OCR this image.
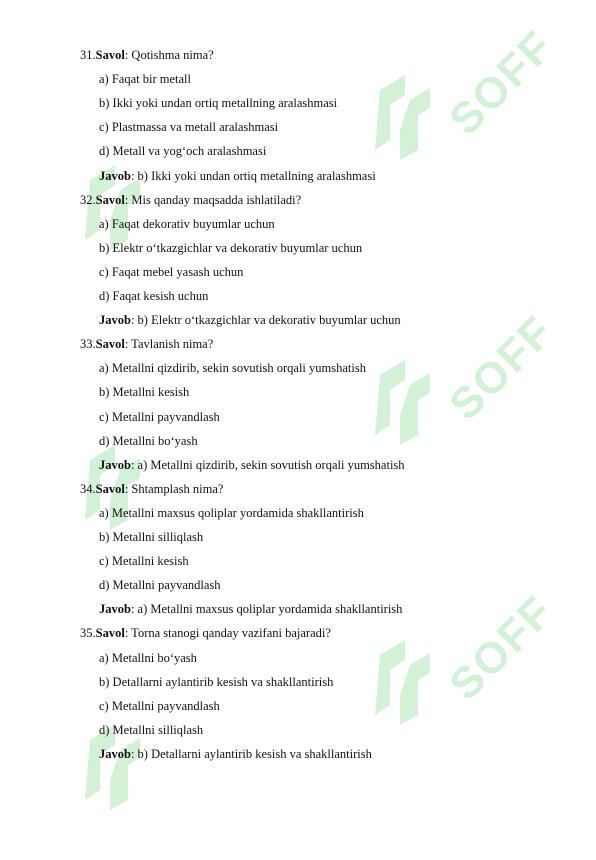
SOFF
SOFF
SOFF
31.Savol: Qotishma nima?
a) Faqat bir metall
b) Ikki yoki undan ortiq metallning aralashmasi
c) Plastmassa va metall aralashmasi
d) Metall va yog‘och aralashmasi
Javob: b) Ikki yoki undan ortiq metallning aralashmasi
32.Savol: Mis qanday maqsadda ishlatiladi?
a) Faqat dekorativ buyumlar uchun
b) Elektr o‘tkazgichlar va dekorativ buyumlar uchun
c) Faqat mebel yasash uchun
d) Faqat kesish uchun
Javob: b) Elektr o‘tkazgichlar va dekorativ buyumlar uchun
33.Savol: Tavlanish nima?
a) Metallni qizdirib, sekin sovutish orqali yumshatish
b) Metallni kesish
c) Metallni payvandlash
d) Metallni bo‘yash
Javob: a) Metallni qizdirib, sekin sovutish orqali yumshatish
34.Savol: Shtamplash nima?
a) Metallni maxsus qoliplar yordamida shakllantirish
b) Metallni silliqlash
c) Metallni kesish
d) Metallni payvandlash
Javob: a) Metallni maxsus qoliplar yordamida shakllantirish
35.Savol: Torna stanogi qanday vazifani bajaradi?
a) Metallni bo‘yash
b) Detallarni aylantirib kesish va shakllantirish
c) Metallni payvandlash
d) Metallni silliqlash
Javob: b) Detallarni aylantirib kesish va shakllantirish
